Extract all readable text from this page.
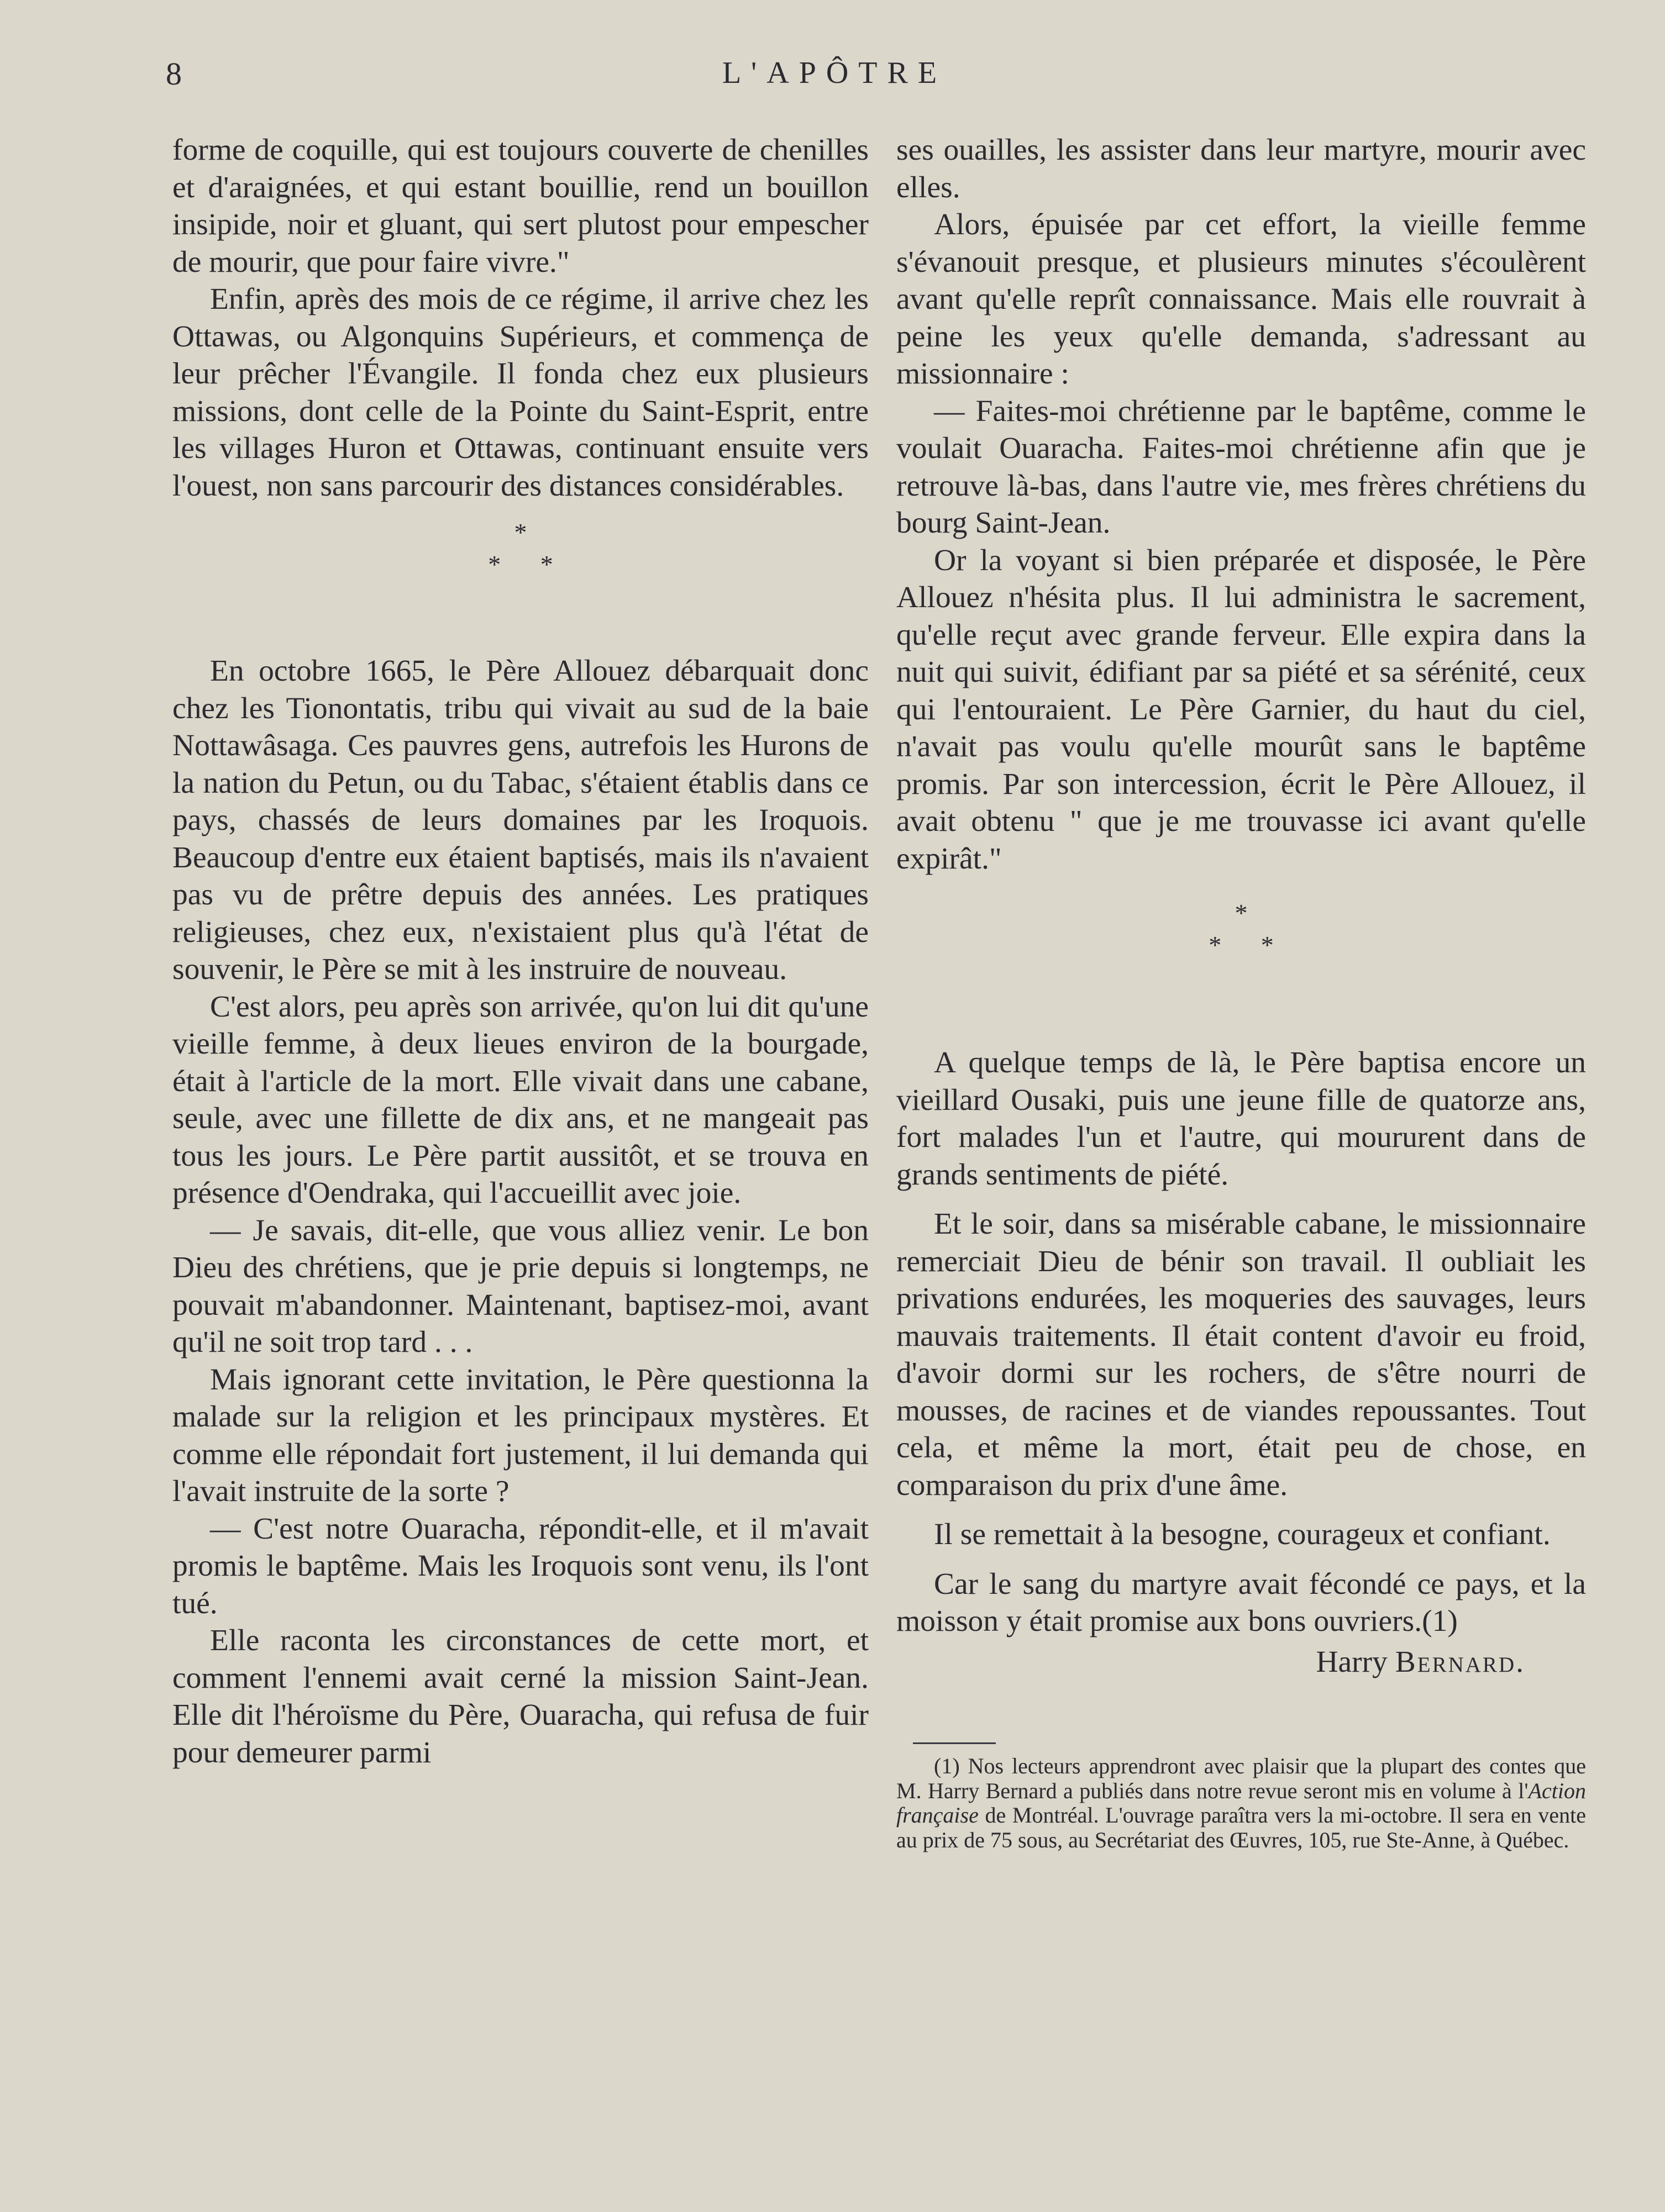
8	L'APÔTRE

forme de coquille, qui est toujours couverte de chenilles et d'araignées, et qui estant bouillie, rend un bouillon insipide, noir et gluant, qui sert plutost pour empescher de mourir, que pour faire vivre."

Enfin, après des mois de ce régime, il arrive chez les Ottawas, ou Algonquins Supérieurs, et commença de leur prêcher l'Évangile. Il fonda chez eux plusieurs missions, dont celle de la Pointe du Saint-Esprit, entre les villages Huron et Ottawas, continuant ensuite vers l'ouest, non sans parcourir des distances considérables.

*
* *

En octobre 1665, le Père Allouez débarquait donc chez les Tionontatis, tribu qui vivait au sud de la baie Nottawâsaga. Ces pauvres gens, autrefois les Hurons de la nation du Petun, ou du Tabac, s'étaient établis dans ce pays, chassés de leurs domaines par les Iroquois. Beaucoup d'entre eux étaient baptisés, mais ils n'avaient pas vu de prêtre depuis des années. Les pratiques religieuses, chez eux, n'existaient plus qu'à l'état de souvenir, le Père se mit à les instruire de nouveau.

C'est alors, peu après son arrivée, qu'on lui dit qu'une vieille femme, à deux lieues environ de la bourgade, était à l'article de la mort. Elle vivait dans une cabane, seule, avec une fillette de dix ans, et ne mangeait pas tous les jours. Le Père partit aussitôt, et se trouva en présence d'Oendraka, qui l'accueillit avec joie.

— Je savais, dit-elle, que vous alliez venir. Le bon Dieu des chrétiens, que je prie depuis si longtemps, ne pouvait m'abandonner. Maintenant, baptisez-moi, avant qu'il ne soit trop tard . . .

Mais ignorant cette invitation, le Père questionna la malade sur la religion et les principaux mystères. Et comme elle répondait fort justement, il lui demanda qui l'avait instruite de la sorte ?

— C'est notre Ouaracha, répondit-elle, et il m'avait promis le baptême. Mais les Iroquois sont venu, ils l'ont tué.

Elle raconta les circonstances de cette mort, et comment l'ennemi avait cerné la mission Saint-Jean. Elle dit l'héroïsme du Père, Ouaracha, qui refusa de fuir pour demeurer parmi

ses ouailles, les assister dans leur martyre, mourir avec elles.

Alors, épuisée par cet effort, la vieille femme s'évanouit presque, et plusieurs minutes s'écoulèrent avant qu'elle reprît connaissance. Mais elle rouvrait à peine les yeux qu'elle demanda, s'adressant au missionnaire :

— Faites-moi chrétienne par le baptême, comme le voulait Ouaracha. Faites-moi chrétienne afin que je retrouve là-bas, dans l'autre vie, mes frères chrétiens du bourg Saint-Jean.

Or la voyant si bien préparée et disposée, le Père Allouez n'hésita plus. Il lui administra le sacrement, qu'elle reçut avec grande ferveur. Elle expira dans la nuit qui suivit, édifiant par sa piété et sa sérénité, ceux qui l'entouraient. Le Père Garnier, du haut du ciel, n'avait pas voulu qu'elle mourût sans le baptême promis. Par son intercession, écrit le Père Allouez, il avait obtenu " que je me trouvasse ici avant qu'elle expirât."

*
* *

A quelque temps de là, le Père baptisa encore un vieillard Ousaki, puis une jeune fille de quatorze ans, fort malades l'un et l'autre, qui moururent dans de grands sentiments de piété.

Et le soir, dans sa misérable cabane, le missionnaire remerciait Dieu de bénir son travail. Il oubliait les privations endurées, les moqueries des sauvages, leurs mauvais traitements. Il était content d'avoir eu froid, d'avoir dormi sur les rochers, de s'être nourri de mousses, de racines et de viandes repoussantes. Tout cela, et même la mort, était peu de chose, en comparaison du prix d'une âme.

Il se remettait à la besogne, courageux et confiant.

Car le sang du martyre avait fécondé ce pays, et la moisson y était promise aux bons ouvriers.(1)

Harry Bernard.

(1) Nos lecteurs apprendront avec plaisir que la plupart des contes que M. Harry Bernard a publiés dans notre revue seront mis en volume à l'Action française de Montréal. L'ouvrage paraîtra vers la mi-octobre. Il sera en vente au prix de 75 sous, au Secrétariat des Œuvres, 105, rue Ste-Anne, à Québec.
